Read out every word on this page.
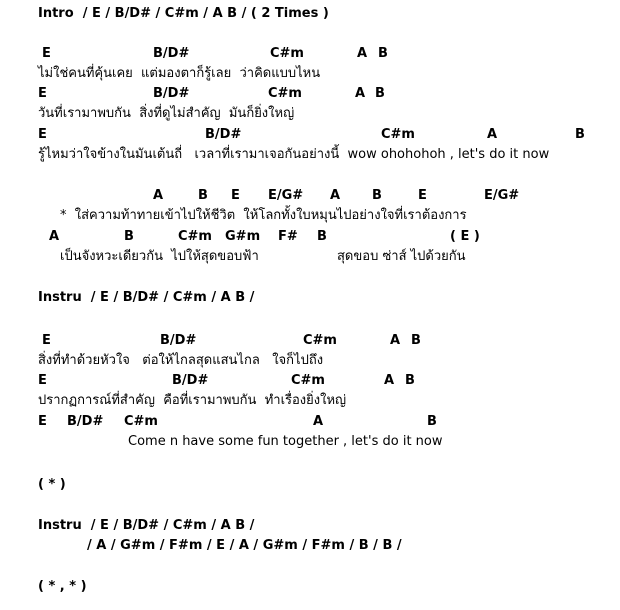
Intro  / E / B/D# / C#m / A B / ( 2 Times )
E	B/D#	C#m	A B
ไม่ใช่คนที่คุ้นเคย  แต่มองตาก็รู้เลย  ว่าคิดแบบไหน
E	B/D#	C#m	A B
วันที่เรามาพบกัน  สิ่งที่ดูไม่สำคัญ  มันก็ยิ่งใหญ่
E	B/D#	C#m	A	B
รู้ไหมว่าใจข้างในมันเต้นถี่   เวลาที่เรามาเจอกันอย่างนี้  wow ohohohoh , let's do it now
A	B E E/G# A B	E	E/G#
*  ใส่ความท้าทายเข้าไปให้ชีวิต  ให้โลกทั้งใบหมุนไปอย่างใจที่เราต้องการ
A	B	C#m G#m F# B	( E )
เป็นจังหวะเดียวกัน  ไปให้สุดขอบฟ้า	สุดขอบ ซ่าส์ ไปด้วยกัน
Instru  / E / B/D# / C#m / A B /
E	B/D#	C#m	A B
สิ่งที่ทำด้วยหัวใจ   ต่อให้ไกลสุดแสนไกล   ใจก็ไปถึง
E	B/D#	C#m	A B
ปรากฏการณ์ที่สำคัญ  คือที่เรามาพบกัน  ทำเรื่องยิ่งใหญ่
E B/D# C#m	A	B
Come n have some fun together , let's do it now
( * )
Instru  / E / B/D# / C#m / A B /
/ A / G#m / F#m / E / A / G#m / F#m / B / B /
( * , * )
